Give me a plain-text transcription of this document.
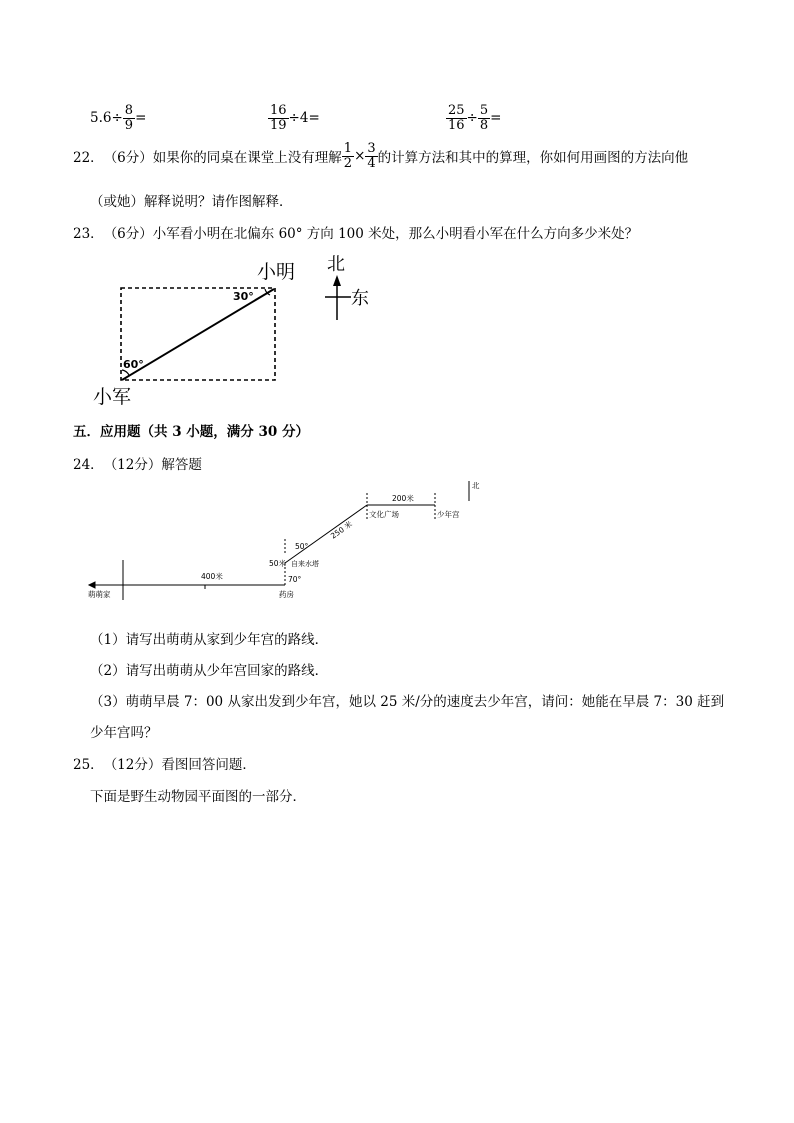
$5.6\div \frac{8}{9}$ =	$\frac{16}{19} \div 4=$	$\frac{25}{16} \div \frac{5}{8}$ =
22． （6分） 如果你的同桌在课堂上没有理解 $\frac{1}{2} \times \frac{3}{4}$ 的计算方法和其中的算理，你如何用画图的方法向他
（或她）解释说明？请作图解释．
23． （6分） 小军看小明在北偏东 60° 方向 100 米处，那么小明看小军在什么方向多少米处？
30°
60°
小明
小军
北
东
五．应用题（共 3 小题，满分 30 分）
24． （12分） 解答题
萌萌家	药房
400米
50米 自来水塔
70°
50°
250 米
文化广场
200米
少年宫
北
（1）请写出萌萌从家到少年宫的路线．
（2）请写出萌萌从少年宫回家的路线．
（3）萌萌早晨 7：00 从家出发到少年宫，她以 25 米/分的速度去少年宫，请问：她能在早晨 7：30 赶到
少年宫吗？
25． （12分） 看图回答问题．
下面是野生动物园平面图的一部分．
